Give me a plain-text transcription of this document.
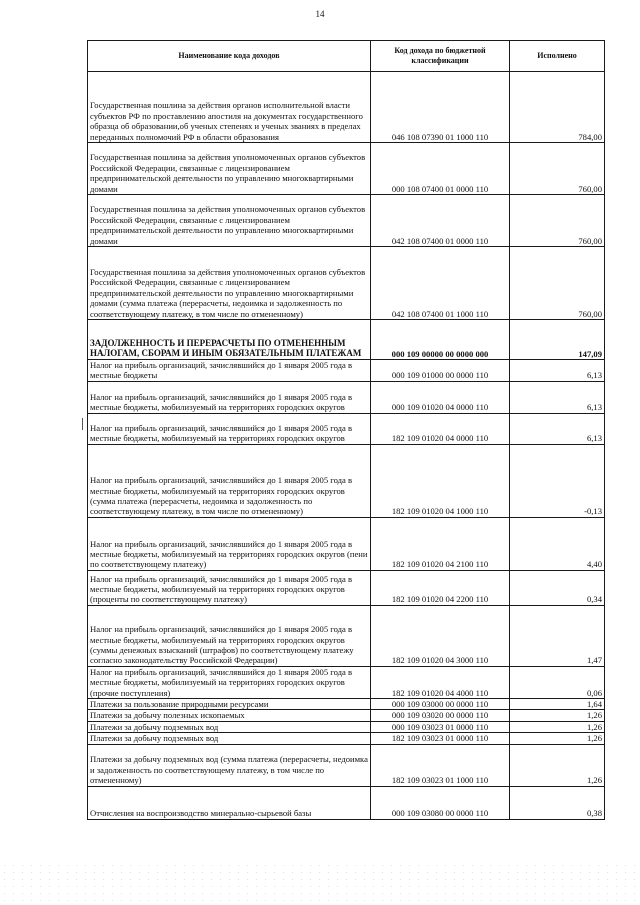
14
Наименование кода доходов	Код дохода по бюджетной классификации	Исполнено
Государственная пошлина за действия органов исполнительной власти субъектов РФ по проставлению апостиля на документах государственного образца об образовании,об ученых степенях и ученых званиях в пределах переданных полномочий РФ в области образования	046 108 07390 01 1000 110	784,00
Государственная пошлина за действия уполномоченных органов субъектов Российской Федерации, связанные с лицензированием предпринимательской деятельности по управлению многоквартирными домами	000 108 07400 01 0000 110	760,00
Государственная пошлина за действия уполномоченных органов субъектов Российской Федерации, связанные с лицензированием предпринимательской деятельности по управлению многоквартирными домами	042 108 07400 01 0000 110	760,00
Государственная пошлина за действия уполномоченных органов субъектов Российской Федерации, связанные с лицензированием предпринимательской деятельности по управлению многоквартирными домами (сумма платежа (перерасчеты, недоимка и задолженность по соответствующему платежу, в том числе по отмененному)	042 108 07400 01 1000 110	760,00
ЗАДОЛЖЕННОСТЬ И ПЕРЕРАСЧЕТЫ ПО ОТМЕНЕННЫМ НАЛОГАМ, СБОРАМ И ИНЫМ ОБЯЗАТЕЛЬНЫМ ПЛАТЕЖАМ	000 109 00000 00 0000 000	147,09
Налог на прибыль организаций, зачислявшийся до 1 января 2005 года в местные бюджеты	000 109 01000 00 0000 110	6,13
Налог на прибыль организаций, зачислявшийся до 1 января 2005 года в местные бюджеты, мобилизуемый на территориях городских округов	000 109 01020 04 0000 110	6,13
Налог на прибыль организаций, зачислявшийся до 1 января 2005 года в местные бюджеты, мобилизуемый на территориях городских округов	182 109 01020 04 0000 110	6,13
Налог на прибыль организаций, зачислявшийся до 1 января 2005 года в местные бюджеты, мобилизуемый на территориях городских округов (сумма платежа (перерасчеты, недоимка и задолженность по соответствующему платежу, в том числе по отмененному)	182 109 01020 04 1000 110	-0,13
Налог на прибыль организаций, зачислявшийся до 1 января 2005 года в местные бюджеты, мобилизуемый на территориях городских округов (пени по соответствующему платежу)	182 109 01020 04 2100 110	4,40
Налог на прибыль организаций, зачислявшийся до 1 января 2005 года в местные бюджеты, мобилизуемый на территориях городских округов (проценты по соответствующему платежу)	182 109 01020 04 2200 110	0,34
Налог на прибыль организаций, зачислявшийся до 1 января 2005 года в местные бюджеты, мобилизуемый на территориях городских округов (суммы денежных взысканий (штрафов) по соответствующему платежу согласно законодательству Российской Федерации)	182 109 01020 04 3000 110	1,47
Налог на прибыль организаций, зачислявшийся до 1 января 2005 года в местные бюджеты, мобилизуемый на территориях городских округов (прочие поступления)	182 109 01020 04 4000 110	0,06
Платежи за пользование природными ресурсами	000 109 03000 00 0000 110	1,64
Платежи за добычу полезных ископаемых	000 109 03020 00 0000 110	1,26
Платежи за добычу подземных вод	000 109 03023 01 0000 110	1,26
Платежи за добычу подземных вод	182 109 03023 01 0000 110	1,26
Платежи за добычу подземных вод (сумма платежа (перерасчеты, недоимка и задолженность по соответствующему платежу, в том числе по отмененному)	182 109 03023 01 1000 110	1,26
Отчисления на воспроизводство минерально-сырьевой базы	000 109 03080 00 0000 110	0,38
